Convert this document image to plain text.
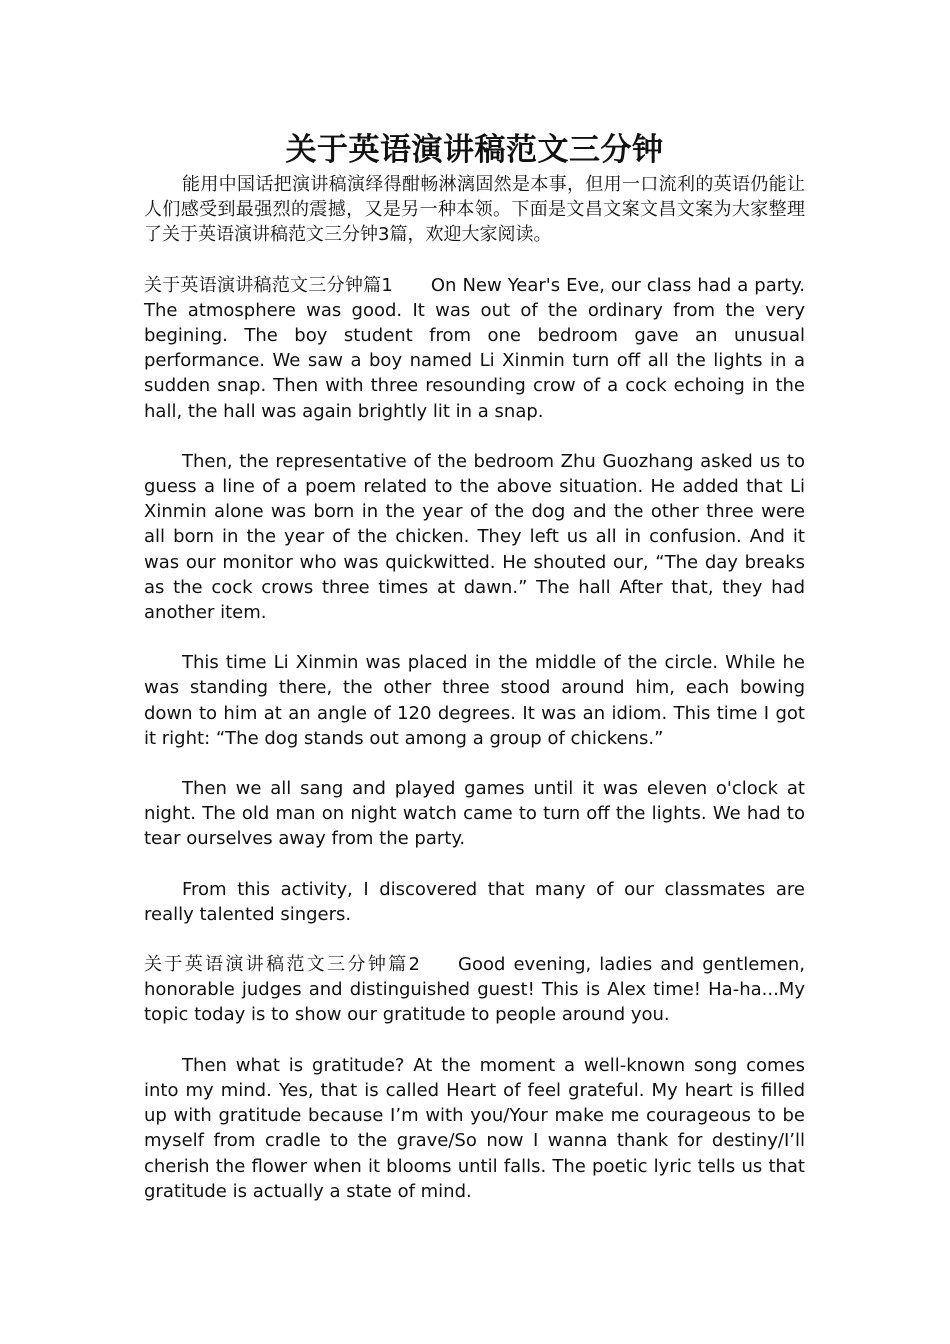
关于英语演讲稿范文三分钟

能用中国话把演讲稿演绎得酣畅淋漓固然是本事，但用一口流利的英语仍能让人们感受到最强烈的震撼，又是另一种本领。下面是文昌文案文昌文案为大家整理了关于英语演讲稿范文三分钟3篇，欢迎大家阅读。

关于英语演讲稿范文三分钟篇1 On New Year's Eve, our class had a party. The atmosphere was good. It was out of the ordinary from the very begining. The boy student from one bedroom gave an unusual performance. We saw a boy named Li Xinmin turn off all the lights in a sudden snap. Then with three resounding crow of a cock echoing in the hall, the hall was again brightly lit in a snap.

Then, the representative of the bedroom Zhu Guozhang asked us to guess a line of a poem related to the above situation. He added that Li Xinmin alone was born in the year of the dog and the other three were all born in the year of the chicken. They left us all in confusion. And it was our monitor who was quickwitted. He shouted our, “The day breaks as the cock crows three times at dawn.” The hall After that, they had another item.

This time Li Xinmin was placed in the middle of the circle. While he was standing there, the other three stood around him, each bowing down to him at an angle of 120 degrees. It was an idiom. This time I got it right: “The dog stands out among a group of chickens.”

Then we all sang and played games until it was eleven o'clock at night. The old man on night watch came to turn off the lights. We had to tear ourselves away from the party.

From this activity, I discovered that many of our classmates are really talented singers.

关于英语演讲稿范文三分钟篇2 Good evening, ladies and gentlemen, honorable judges and distinguished guest! This is Alex time! Ha-ha...My topic today is to show our gratitude to people around you.

Then what is gratitude? At the moment a well-known song comes into my mind. Yes, that is called Heart of feel grateful. My heart is filled up with gratitude because I’m with you/Your make me courageous to be myself from cradle to the grave/So now I wanna thank for destiny/I’ll cherish the flower when it blooms until falls. The poetic lyric tells us that gratitude is actually a state of mind.
